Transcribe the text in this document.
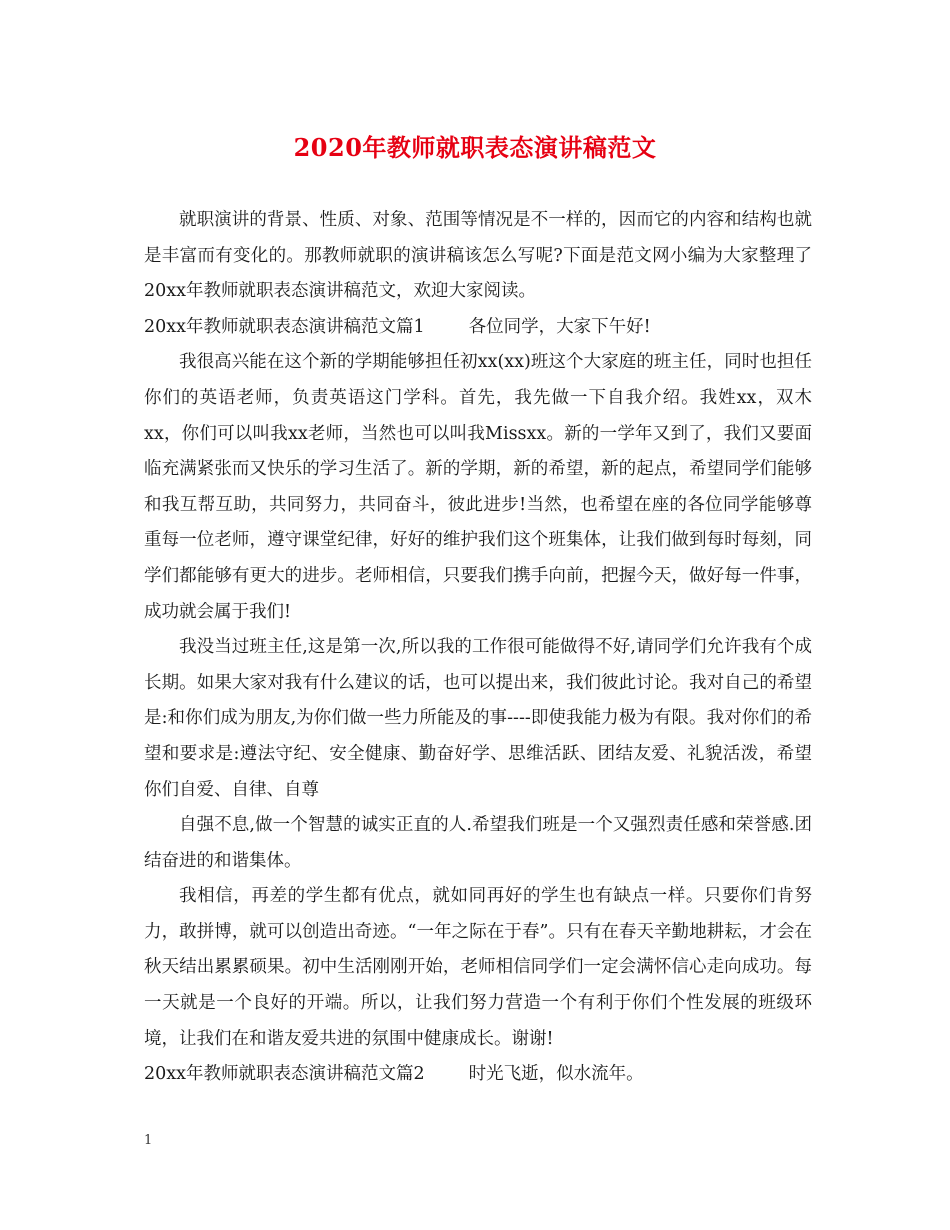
2020年教师就职表态演讲稿范文

就职演讲的背景、性质、对象、范围等情况是不一样的，因而它的内容和结构也就是丰富而有变化的。那教师就职的演讲稿该怎么写呢?下面是范文网小编为大家整理了20xx年教师就职表态演讲稿范文，欢迎大家阅读。

20xx年教师就职表态演讲稿范文篇1	各位同学，大家下午好!

我很高兴能在这个新的学期能够担任初xx(xx)班这个大家庭的班主任，同时也担任你们的英语老师，负责英语这门学科。首先，我先做一下自我介绍。我姓xx，双木xx，你们可以叫我xx老师，当然也可以叫我Missxx。新的一学年又到了，我们又要面临充满紧张而又快乐的学习生活了。新的学期，新的希望，新的起点，希望同学们能够和我互帮互助，共同努力，共同奋斗，彼此进步!当然，也希望在座的各位同学能够尊重每一位老师，遵守课堂纪律，好好的维护我们这个班集体，让我们做到每时每刻，同学们都能够有更大的进步。老师相信，只要我们携手向前，把握今天，做好每一件事，成功就会属于我们!

我没当过班主任,这是第一次,所以我的工作很可能做得不好,请同学们允许我有个成长期。如果大家对我有什么建议的话，也可以提出来，我们彼此讨论。我对自己的希望是:和你们成为朋友,为你们做一些力所能及的事----即使我能力极为有限。我对你们的希望和要求是:遵法守纪、安全健康、勤奋好学、思维活跃、团结友爱、礼貌活泼，希望你们自爱、自律、自尊

自强不息,做一个智慧的诚实正直的人.希望我们班是一个又强烈责任感和荣誉感.团结奋进的和谐集体。

我相信，再差的学生都有优点，就如同再好的学生也有缺点一样。只要你们肯努力，敢拼博，就可以创造出奇迹。“一年之际在于春”。只有在春天辛勤地耕耘，才会在秋天结出累累硕果。初中生活刚刚开始，老师相信同学们一定会满怀信心走向成功。每一天就是一个良好的开端。所以，让我们努力营造一个有利于你们个性发展的班级环境，让我们在和谐友爱共进的氛围中健康成长。谢谢!

20xx年教师就职表态演讲稿范文篇2	时光飞逝，似水流年。

1
